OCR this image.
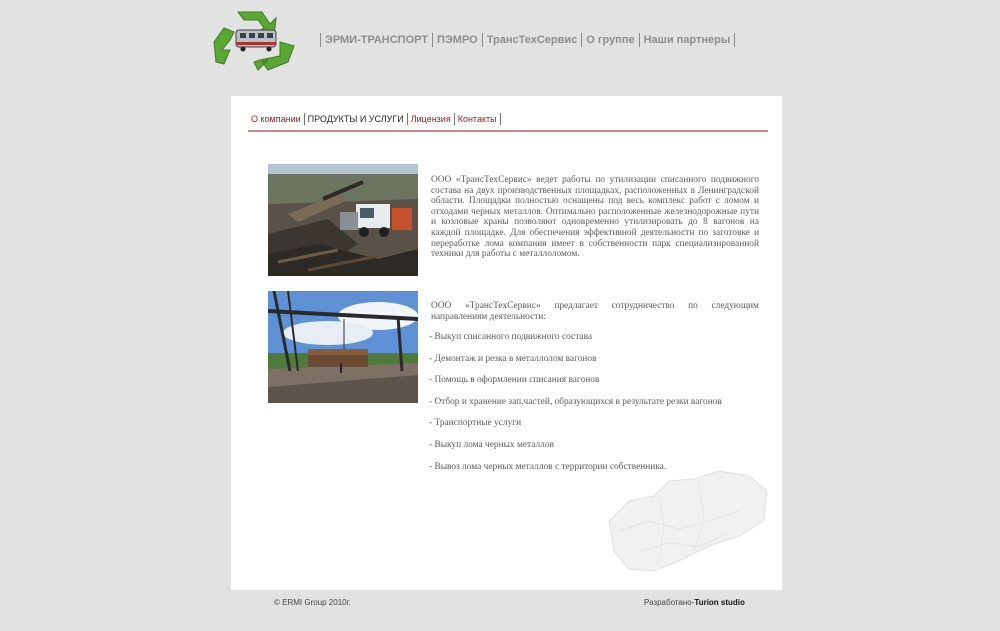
ЭРМИ-ТРАНСПОРТ ПЭМРО ТрансТехСервис О группе Наши партнеры
О компании ПРОДУКТЫ И УСЛУГИ Лицензия Контакты
ООО «ТрансТехСервис» ведет работы по утилизации списанного подвижного состава на двух производственных площадках, расположенных в Ленинградской области. Площадки полностью оснащены под весь комплекс работ с ломом и отходами черных металлов. Оптимально расположенные железнодорожные пути и козловые краны позволяют одновременно утилизировать до 8 вагонов на каждой площадке. Для обеспечения эффективной деятельности по заготовке и переработке лома компания имеет в собственности парк специализированной техники для работы с металлоломом.
ООО «ТрансТехСервис» предлагает сотрудничество по следующим направлениям деятельности:
- Выкуп списанного подвижного состава
- Демонтаж и резка в металлолом вагонов
- Помощь в оформлении списания вагонов
- Отбор и хранение зап.частей, образующихся в результате резки вагонов
- Транспортные услуги
- Выкуп лома черных металлов
- Вывоз лома черных металлов с территории собственника.
© ERMI Group 2010г.	Разработано-Turion studio
